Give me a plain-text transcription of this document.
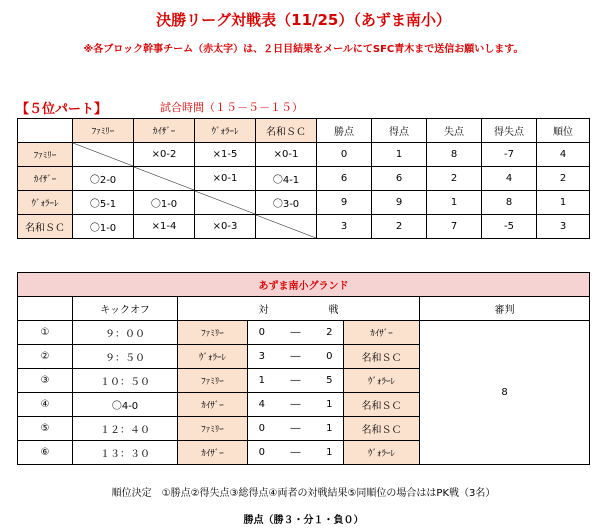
決勝リーグ対戦表（11/25）（あずま南小）
※各ブロック幹事チーム（赤太字）は、２日目結果をメールにてSFC青木まで送信お願いします。
【５位パート】	試合時間（１５－５－１５）
	ﾌｧﾐﾘｰ	ｶｲｻﾞｰ	ｳﾞｫﾗｰﾚ	名和ＳＣ	勝点	得点	失点	得失点	順位
ﾌｧﾐﾘｰ		×0-2	×1-5	×0-1	0	1	8	-7	4
ｶｲｻﾞｰ	〇2-0		×0-1	〇4-1	6	6	2	4	2
ｳﾞｫﾗｰﾚ	〇5-1	〇1-0		〇3-0	9	9	1	8	1
名和ＳＣ	〇1-0	×1-4	×0-3		3	2	7	-5	3
あずま南小グランド							
	キックオフ	対 戦					審判
①	９：００	ﾌｧﾐﾘｰ	0	―	2	ｶｲｻﾞｰ	8
②	９：５０	ｳﾞｫﾗｰﾚ	3	―	0	名和ＳＣ	
③	１０：５０	ﾌｧﾐﾘｰ	1	―	5	ｳﾞｫﾗｰﾚ	
④	〇4-0	ｶｲｻﾞｰ	4	―	1	名和ＳＣ	
⑤	１２：４０	ﾌｧﾐﾘｰ	0	―	1	名和ＳＣ	
⑥	１３：３０	ｶｲｻﾞｰ	0	―	1	ｳﾞｫﾗｰﾚ	
順位決定　①勝点②得失点③総得点④両者の対戦結果⑤同順位の場合ははPK戦（3名）
勝点（勝３・分１・負０）
